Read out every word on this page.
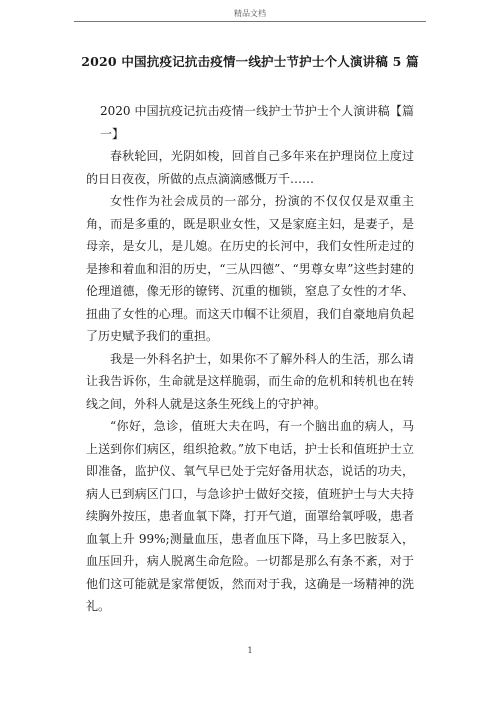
精品文档
2020 中国抗疫记抗击疫情一线护士节护士个人演讲稿 5 篇

2020 中国抗疫记抗击疫情一线护士节护士个人演讲稿【篇一】

春秋轮回，光阴如梭，回首自己多年来在护理岗位上度过的日日夜夜，所做的点点滴滴感慨万千……

女性作为社会成员的一部分，扮演的不仅仅仅是双重主角，而是多重的，既是职业女性，又是家庭主妇，是妻子，是母亲，是女儿，是儿媳。在历史的长河中，我们女性所走过的是掺和着血和泪的历史，“三从四德”、“男尊女卑”这些封建的伦理道德，像无形的镣铐、沉重的枷锁，窒息了女性的才华、扭曲了女性的心理。而这天巾帼不让须眉，我们自豪地肩负起了历史赋予我们的重担。

我是一外科名护士，如果你不了解外科人的生活，那么请让我告诉你，生命就是这样脆弱，而生命的危机和转机也在转线之间，外科人就是这条生死线上的守护神。

“你好，急诊，值班大夫在吗，有一个脑出血的病人，马上送到你们病区，组织抢救。”放下电话，护士长和值班护士立即准备，监护仪、氧气早已处于完好备用状态，说话的功夫，病人已到病区门口，与急诊护士做好交接，值班护士与大夫持续胸外按压，患者血氧下降，打开气道，面罩给氧呼吸，患者血氧上升 99%;测量血压，患者血压下降，马上多巴胺泵入，血压回升，病人脱离生命危险。一切都是那么有条不紊，对于他们这可能就是家常便饭，然而对于我，这确是一场精神的洗礼。

1
